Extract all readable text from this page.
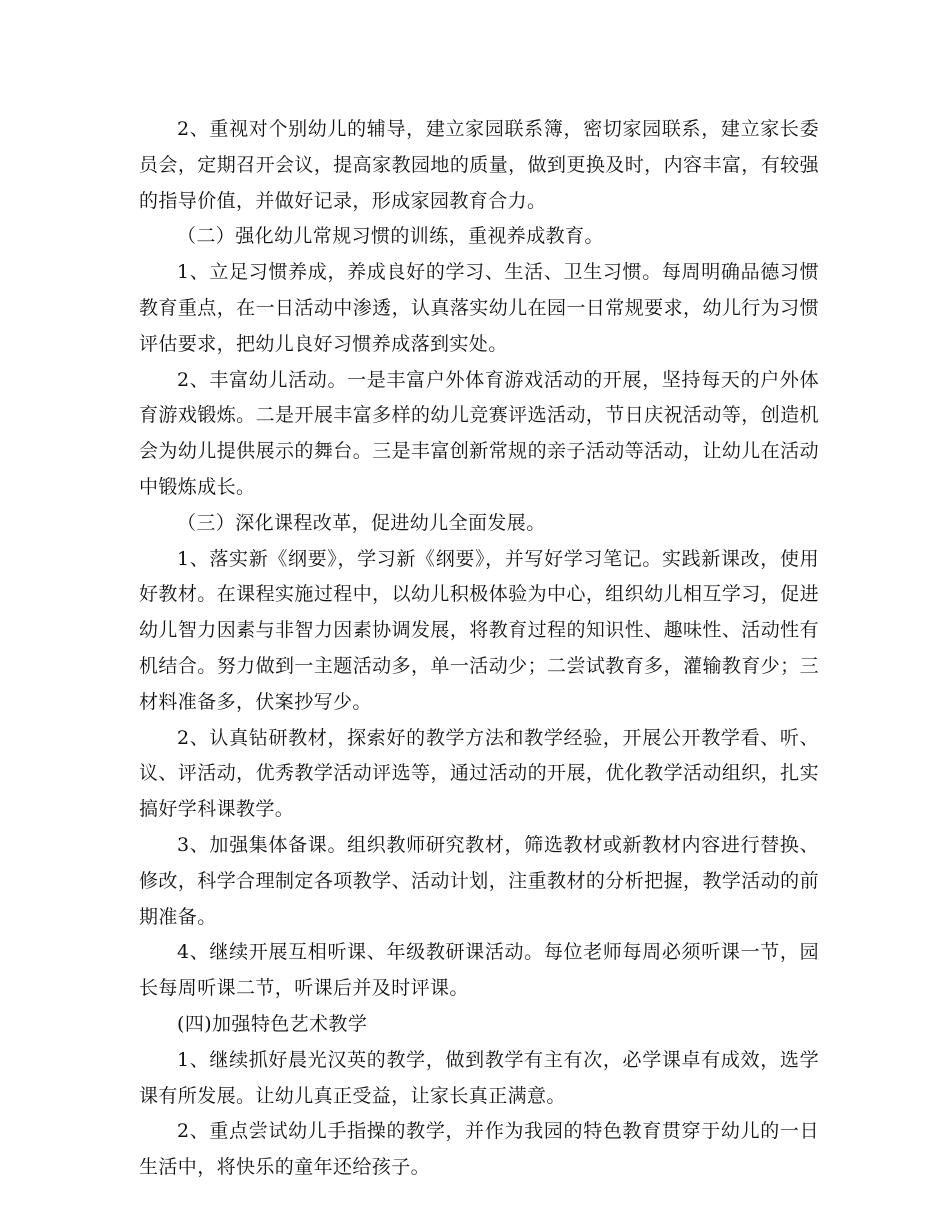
2、重视对个别幼儿的辅导，建立家园联系簿，密切家园联系，建立家长委员会，定期召开会议，提高家教园地的质量，做到更换及时，内容丰富，有较强的指导价值，并做好记录，形成家园教育合力。

（二）强化幼儿常规习惯的训练，重视养成教育。

1、立足习惯养成，养成良好的学习、生活、卫生习惯。每周明确品德习惯教育重点，在一日活动中渗透，认真落实幼儿在园一日常规要求，幼儿行为习惯评估要求，把幼儿良好习惯养成落到实处。

2、丰富幼儿活动。一是丰富户外体育游戏活动的开展，坚持每天的户外体育游戏锻炼。二是开展丰富多样的幼儿竞赛评选活动，节日庆祝活动等，创造机会为幼儿提供展示的舞台。三是丰富创新常规的亲子活动等活动，让幼儿在活动中锻炼成长。

（三）深化课程改革，促进幼儿全面发展。

1、落实新《纲要》，学习新《纲要》，并写好学习笔记。实践新课改，使用好教材。在课程实施过程中，以幼儿积极体验为中心，组织幼儿相互学习，促进幼儿智力因素与非智力因素协调发展，将教育过程的知识性、趣味性、活动性有机结合。努力做到一主题活动多，单一活动少；二尝试教育多，灌输教育少；三材料准备多，伏案抄写少。

2、认真钻研教材，探索好的教学方法和教学经验，开展公开教学看、听、议、评活动，优秀教学活动评选等，通过活动的开展，优化教学活动组织，扎实搞好学科课教学。

3、加强集体备课。组织教师研究教材，筛选教材或新教材内容进行替换、修改，科学合理制定各项教学、活动计划，注重教材的分析把握，教学活动的前期准备。

4、继续开展互相听课、年级教研课活动。每位老师每周必须听课一节，园长每周听课二节，听课后并及时评课。

(四)加强特色艺术教学

1、继续抓好晨光汉英的教学，做到教学有主有次，必学课卓有成效，选学课有所发展。让幼儿真正受益，让家长真正满意。

2、重点尝试幼儿手指操的教学，并作为我园的特色教育贯穿于幼儿的一日生活中，将快乐的童年还给孩子。
